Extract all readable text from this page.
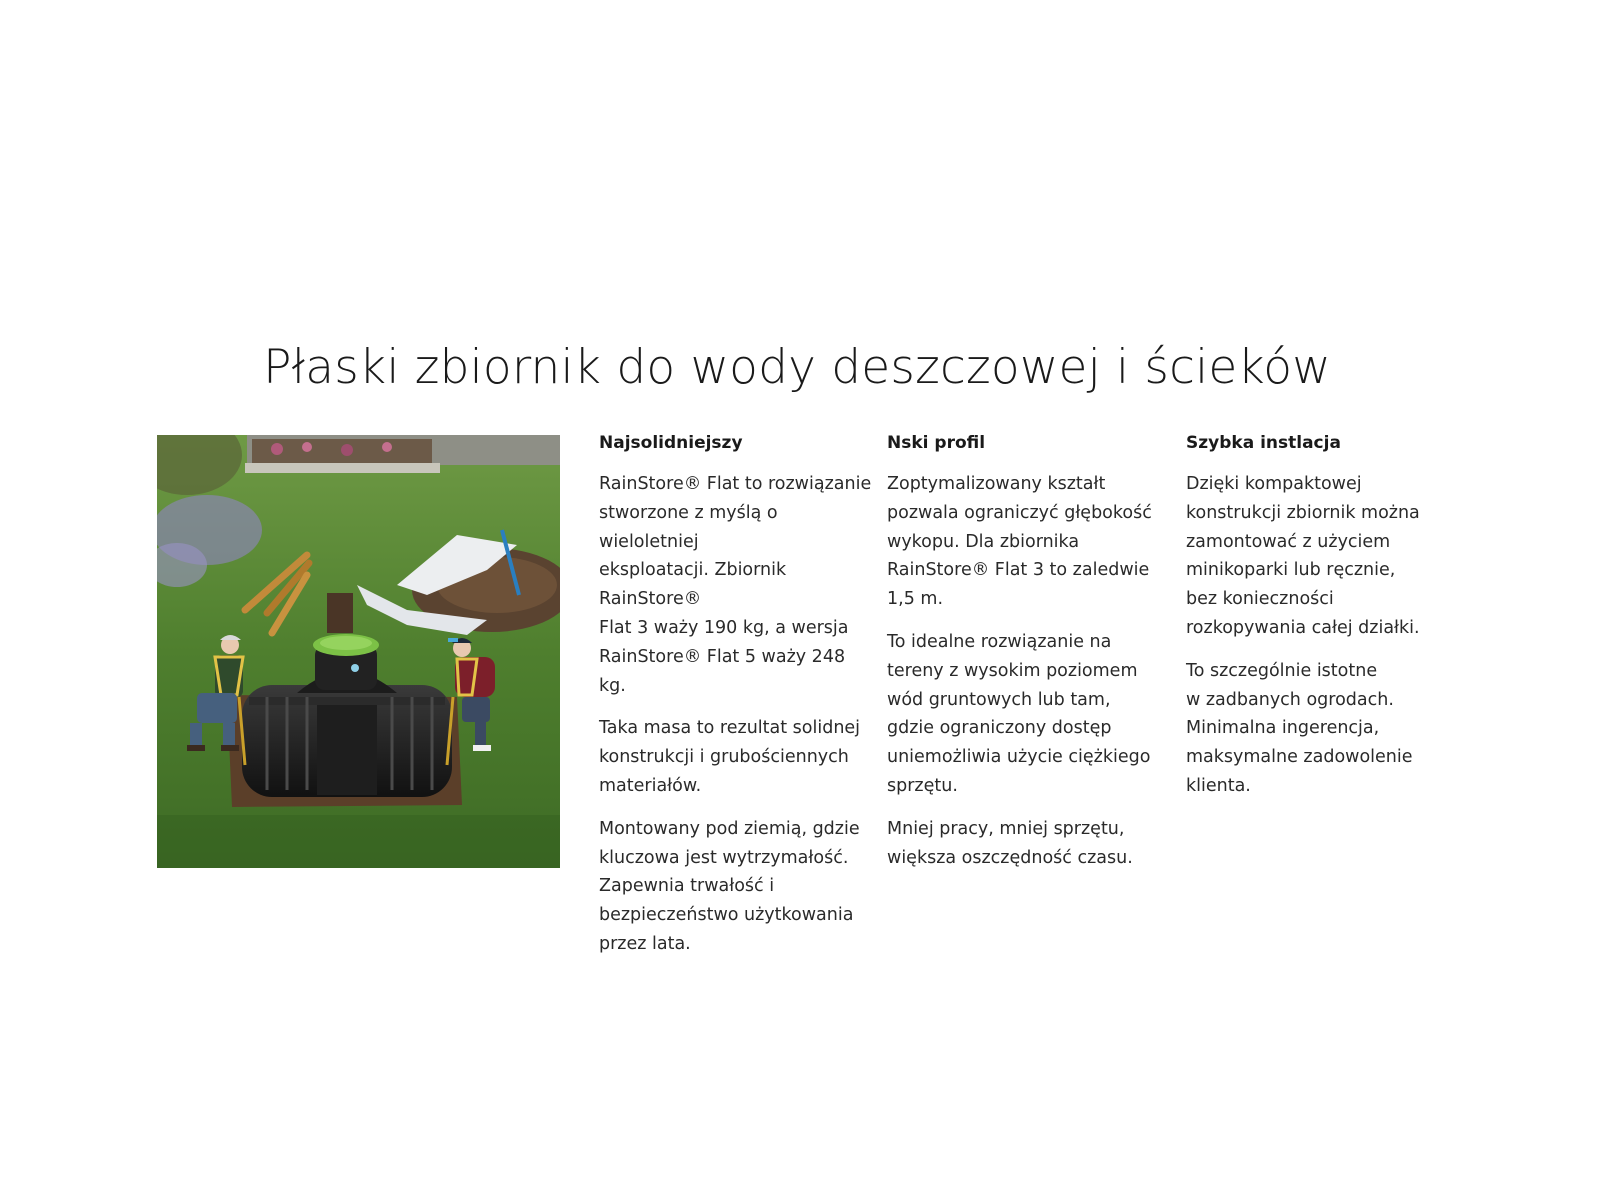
Płaski zbiornik do wody deszczowej i ścieków
Najsolidniejszy

RainStore® Flat to rozwiązanie
stworzone z myślą o wieloletniej
eksploatacji. Zbiornik RainStore®
Flat 3 waży 190 kg, a wersja
RainStore® Flat 5 waży 248 kg.

Taka masa to rezultat solidnej
konstrukcji i grubościennych
materiałów.

Montowany pod ziemią, gdzie
kluczowa jest wytrzymałość.
Zapewnia trwałość i
bezpieczeństwo użytkowania
przez lata.

Nski profil

Zoptymalizowany kształt
pozwala ograniczyć głębokość
wykopu. Dla zbiornika
RainStore® Flat 3 to zaledwie
1,5 m.

To idealne rozwiązanie na
tereny z wysokim poziomem
wód gruntowych lub tam,
gdzie ograniczony dostęp
uniemożliwia użycie ciężkiego
sprzętu.

Mniej pracy, mniej sprzętu,
większa oszczędność czasu.

Szybka instlacja

Dzięki kompaktowej
konstrukcji zbiornik można
zamontować z użyciem
minikoparki lub ręcznie,
bez konieczności
rozkopywania całej działki.

To szczególnie istotne
w zadbanych ogrodach.
Minimalna ingerencja,
maksymalne zadowolenie
klienta.
